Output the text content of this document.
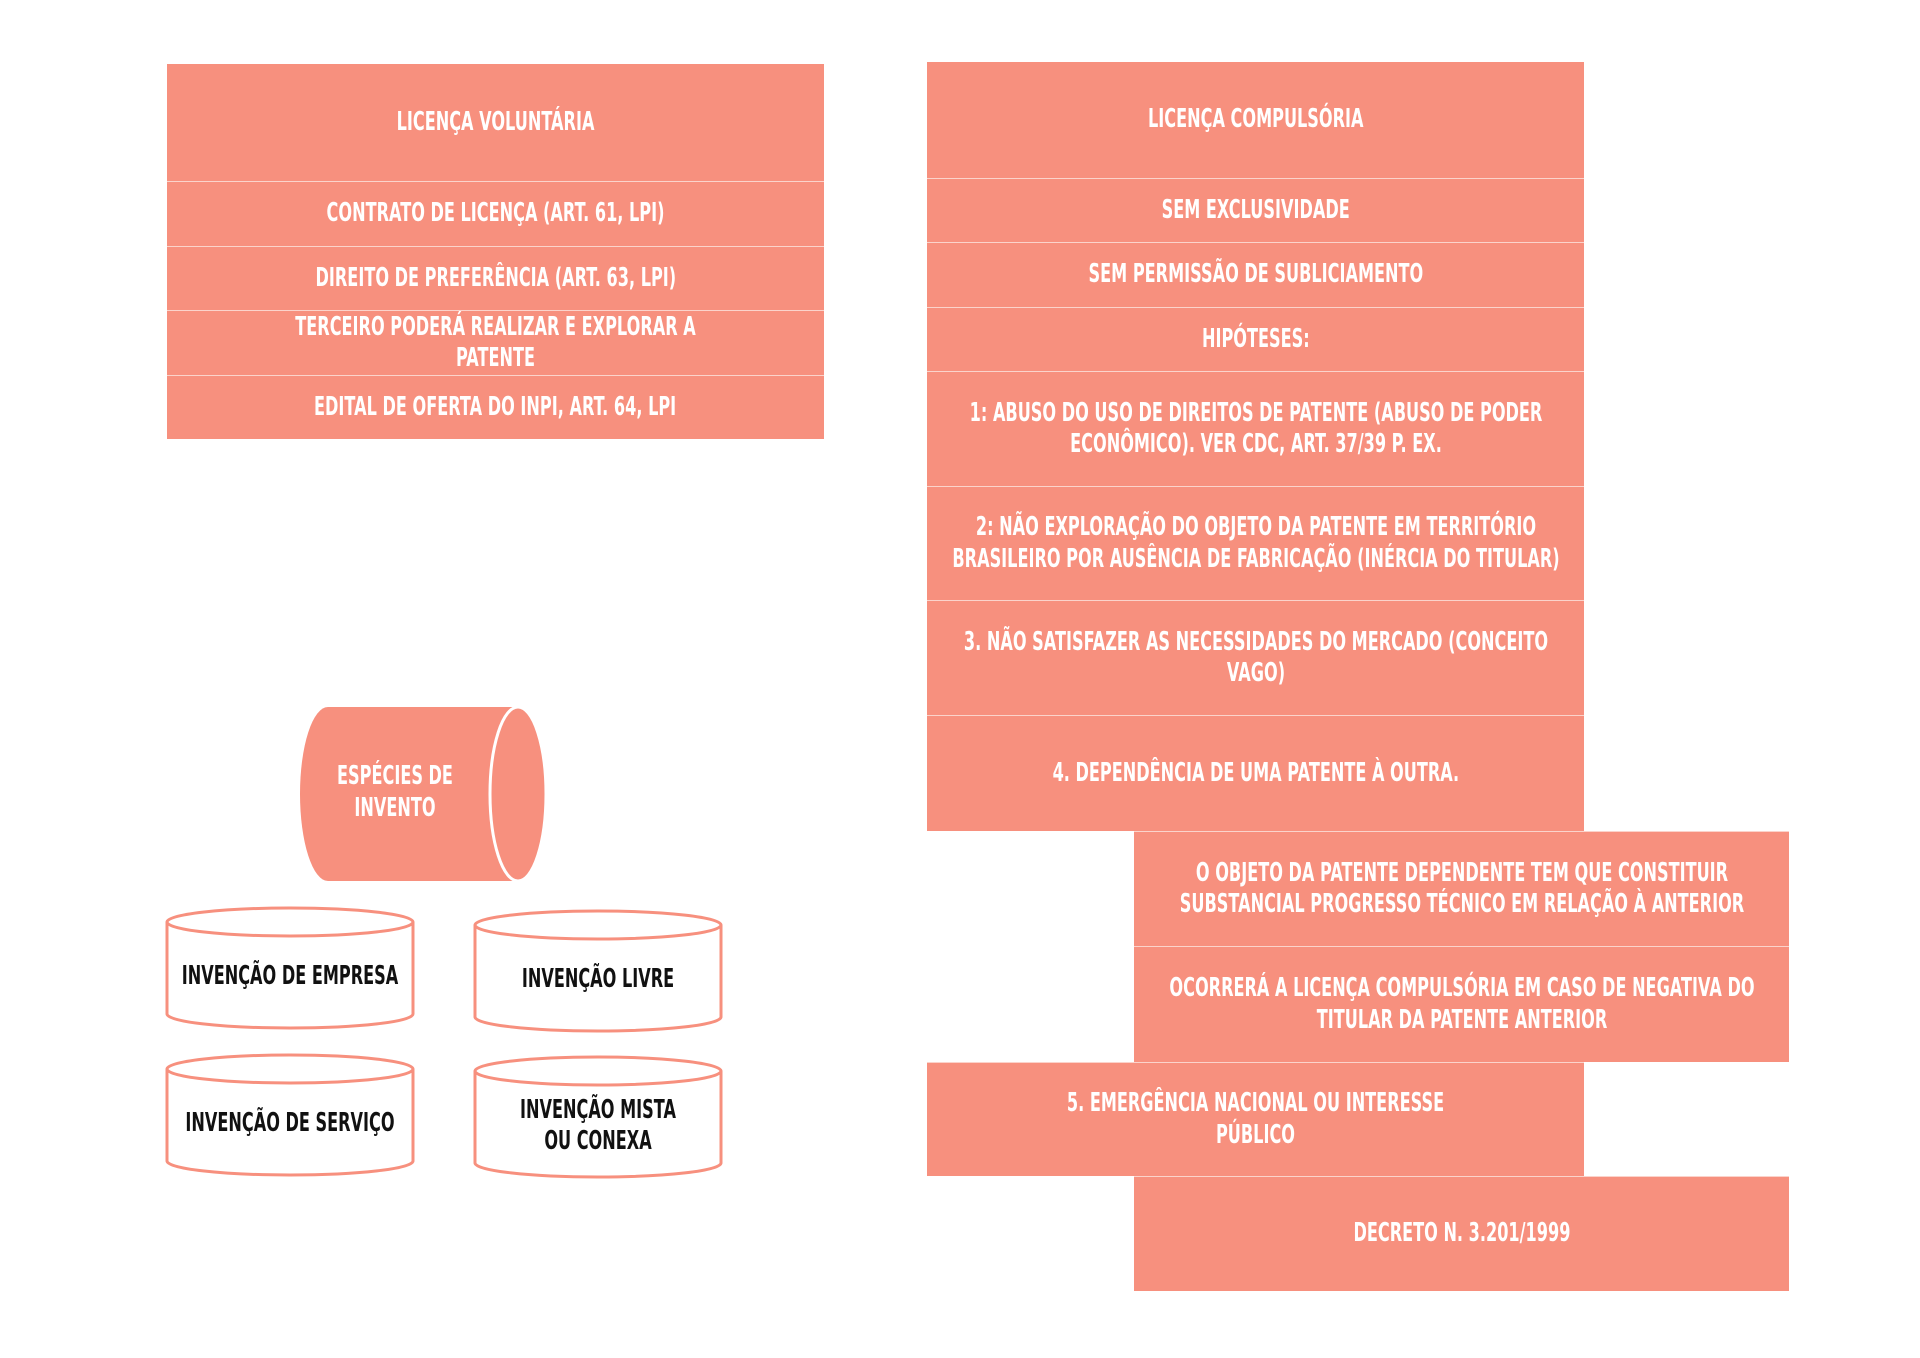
LICENÇA VOLUNTÁRIA
CONTRATO DE LICENÇA (ART. 61, LPI)
DIREITO DE PREFERÊNCIA (ART. 63, LPI)
TERCEIRO PODERÁ REALIZAR E EXPLORAR A PATENTE
EDITAL DE OFERTA DO INPI, ART. 64, LPI
LICENÇA COMPULSÓRIA
SEM EXCLUSIVIDADE
SEM PERMISSÃO DE SUBLICIAMENTO
HIPÓTESES:
1: ABUSO DO USO DE DIREITOS DE PATENTE (ABUSO DE PODER ECONÔMICO). VER CDC, ART. 37/39 P. EX.
2: NÃO EXPLORAÇÃO DO OBJETO DA PATENTE EM TERRITÓRIO BRASILEIRO POR AUSÊNCIA DE FABRICAÇÃO (INÉRCIA DO TITULAR)
3. NÃO SATISFAZER AS NECESSIDADES DO MERCADO (CONCEITO VAGO)
4. DEPENDÊNCIA DE UMA PATENTE À OUTRA.
O OBJETO DA PATENTE DEPENDENTE TEM QUE CONSTITUIR SUBSTANCIAL PROGRESSO TÉCNICO EM RELAÇÃO À ANTERIOR
OCORRERÁ A LICENÇA COMPULSÓRIA EM CASO DE NEGATIVA DO TITULAR DA PATENTE ANTERIOR
5. EMERGÊNCIA NACIONAL OU INTERESSE PÚBLICO
DECRETO N. 3.201/1999
ESPÉCIES DE INVENTO
INVENÇÃO DE EMPRESA	INVENÇÃO LIVRE
INVENÇÃO DE SERVIÇO	INVENÇÃO MISTA OU CONEXA
